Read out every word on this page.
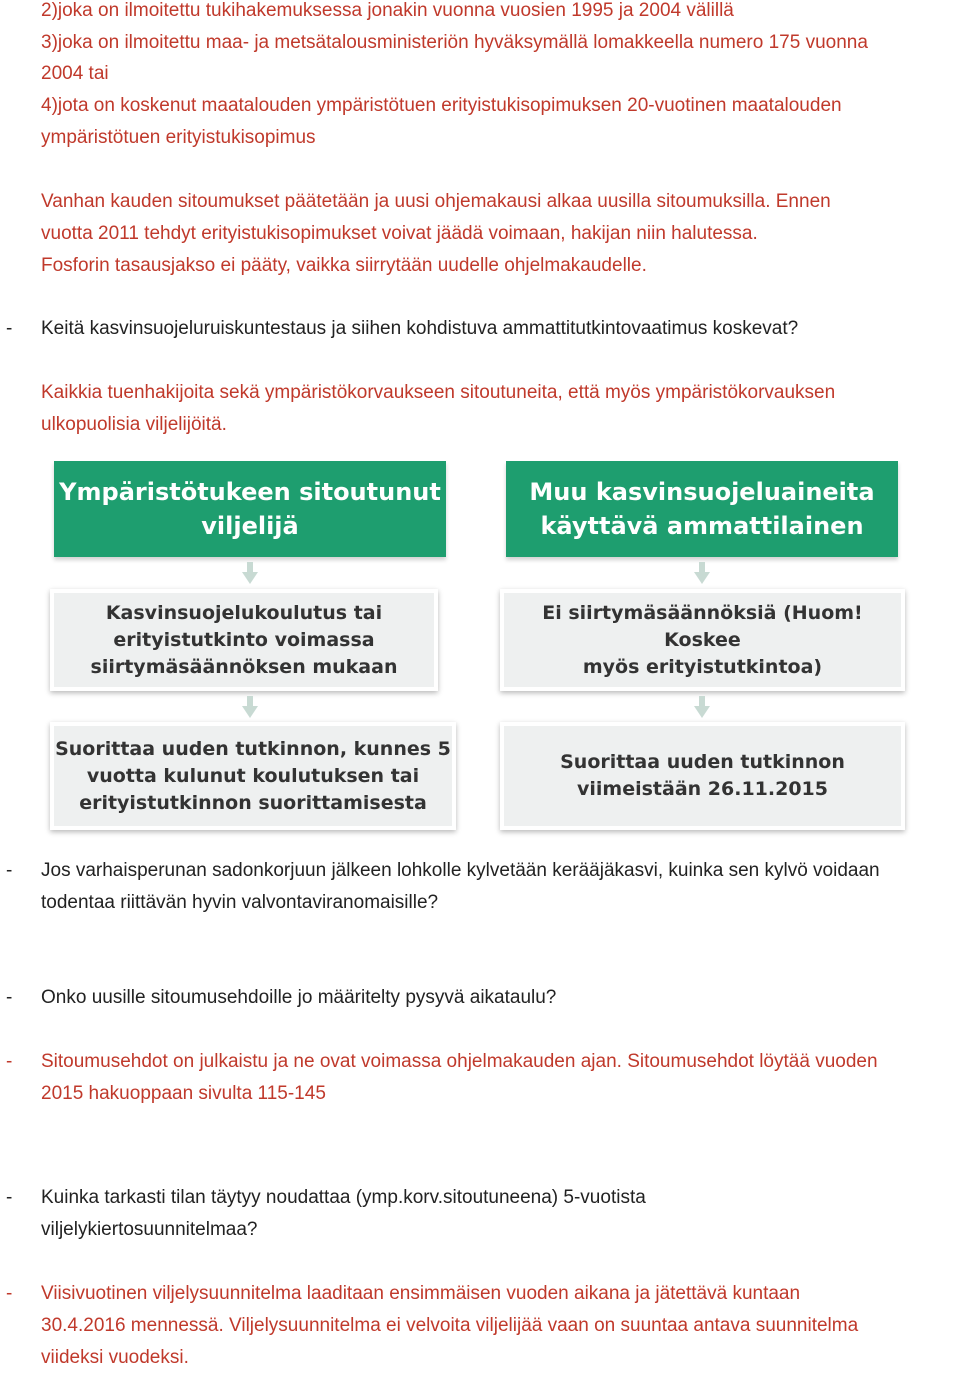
2)joka on ilmoitettu tukihakemuksessa jonakin vuonna vuosien 1995 ja 2004 välillä
3)joka on ilmoitettu maa- ja metsätalousministeriön hyväksymällä lomakkeella numero 175 vuonna
2004 tai
4)jota on koskenut maatalouden ympäristötuen erityistukisopimuksen 20-vuotinen maatalouden
ympäristötuen erityistukisopimus
Vanhan kauden sitoumukset päätetään ja uusi ohjemakausi alkaa uusilla sitoumuksilla. Ennen
vuotta 2011 tehdyt erityistukisopimukset voivat jäädä voimaan, hakijan niin halutessa.
Fosforin tasausjakso ei pääty, vaikka siirrytään uudelle ohjelmakaudelle.
- Keitä kasvinsuojeluruiskuntestaus ja siihen kohdistuva ammattitutkintovaatimus koskevat?
Kaikkia tuenhakijoita sekä ympäristökorvaukseen sitoutuneita, että myös ympäristökorvauksen
ulkopuolisia viljelijöitä.
Ympäristötukeen sitoutunut
viljelijä
Muu kasvinsuojeluaineita
käyttävä ammattilainen
Kasvinsuojelukoulutus tai
erityistutkinto voimassa
siirtymäsäännöksen mukaan
Ei siirtymäsäännöksiä (Huom! Koskee
myös erityistutkintoa)
Suorittaa uuden tutkinnon, kunnes 5
vuotta kulunut koulutuksen tai
erityistutkinnon suorittamisesta
Suorittaa uuden tutkinnon
viimeistään 26.11.2015
- Jos varhaisperunan sadonkorjuun jälkeen lohkolle kylvetään kerääjäkasvi, kuinka sen kylvö voidaan
todentaa riittävän hyvin valvontaviranomaisille?
- Onko uusille sitoumusehdoille jo määritelty pysyvä aikataulu?
- Sitoumusehdot on julkaistu ja ne ovat voimassa ohjelmakauden ajan. Sitoumusehdot löytää vuoden
2015 hakuoppaan sivulta 115-145
- Kuinka tarkasti tilan täytyy noudattaa (ymp.korv.sitoutuneena) 5-vuotista
viljelykiertosuunnitelmaa?
- Viisivuotinen viljelysuunnitelma laaditaan ensimmäisen vuoden aikana ja jätettävä kuntaan
30.4.2016 mennessä. Viljelysuunnitelma ei velvoita viljelijää vaan on suuntaa antava suunnitelma
viideksi vuodeksi.
